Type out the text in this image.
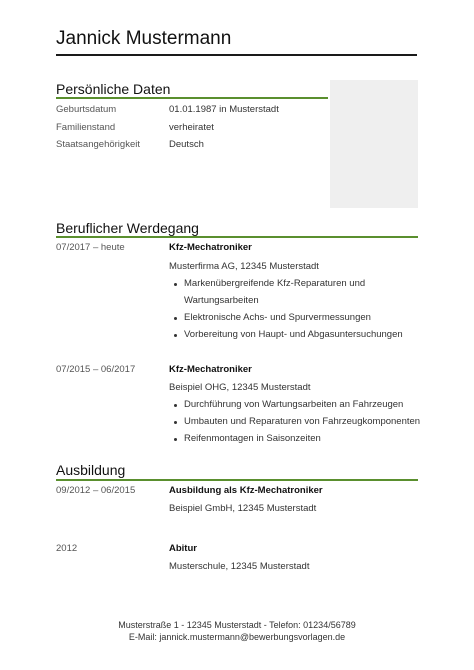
Jannick Mustermann
Persönliche Daten
Geburtsdatum	01.01.1987 in Musterstadt
Familienstand	verheiratet
Staatsangehörigkeit	Deutsch
Beruflicher Werdegang
07/2017 – heute	Kfz-Mechatroniker
Musterfirma AG, 12345 Musterstadt
Markenübergreifende Kfz-Reparaturen und
Wartungsarbeiten
Elektronische Achs- und Spurvermessungen
Vorbereitung von Haupt- und Abgasuntersuchungen
07/2015 – 06/2017	Kfz-Mechatroniker
Beispiel OHG, 12345 Musterstadt
Durchführung von Wartungsarbeiten an Fahrzeugen
Umbauten und Reparaturen von Fahrzeugkomponenten
Reifenmontagen in Saisonzeiten
Ausbildung
09/2012 – 06/2015	Ausbildung als Kfz-Mechatroniker
Beispiel GmbH, 12345 Musterstadt
2012	Abitur
Musterschule, 12345 Musterstadt
Musterstraße 1 - 12345 Musterstadt - Telefon: 01234/56789
E-Mail: jannick.mustermann@bewerbungsvorlagen.de
